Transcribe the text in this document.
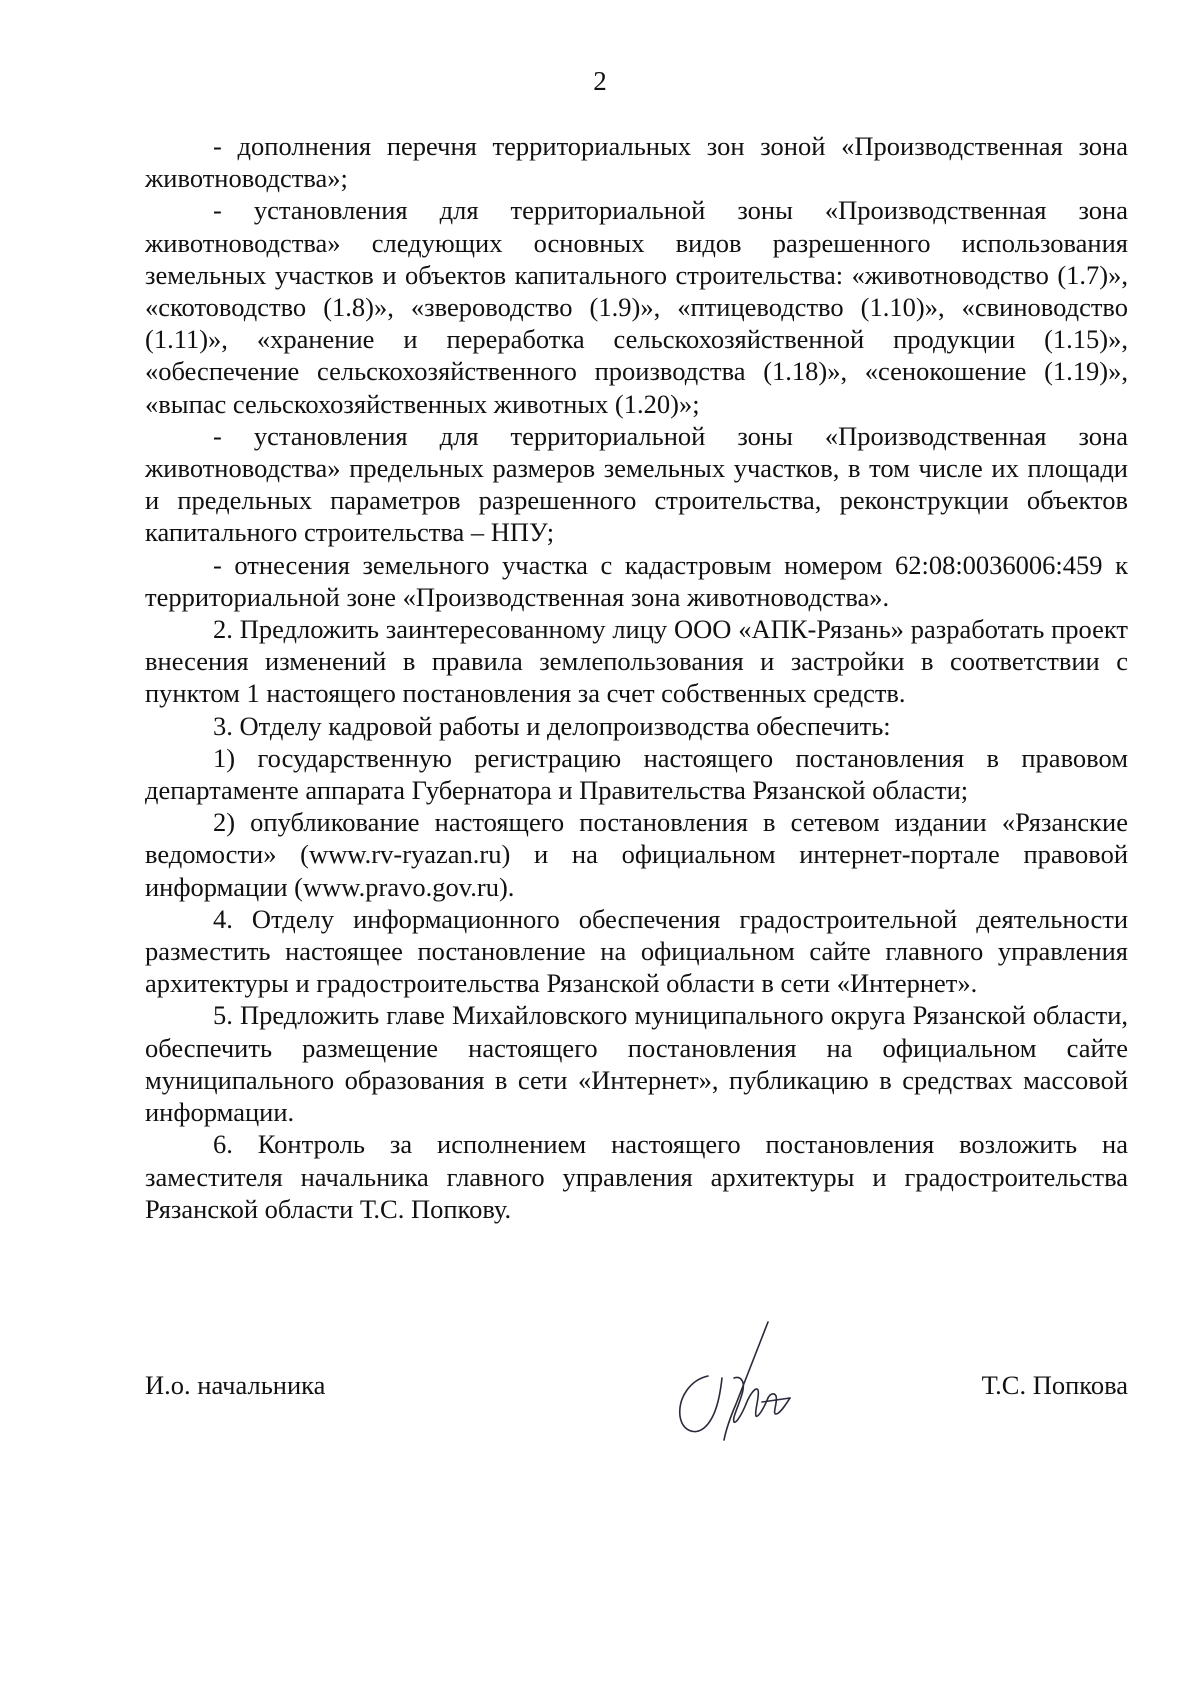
2

- дополнения перечня территориальных зон зоной «Производственная зона животноводства»;

- установления для территориальной зоны «Производственная зона животноводства» следующих основных видов разрешенного использования земельных участков и объектов капитального строительства: «животноводство (1.7)», «скотоводство (1.8)», «звероводство (1.9)», «птицеводство (1.10)», «свиноводство (1.11)», «хранение и переработка сельскохозяйственной продукции (1.15)», «обеспечение сельскохозяйственного производства (1.18)», «сенокошение (1.19)», «выпас сельскохозяйственных животных (1.20)»;

- установления для территориальной зоны «Производственная зона животноводства» предельных размеров земельных участков, в том числе их площади и предельных параметров разрешенного строительства, реконструкции объектов капитального строительства – НПУ;

- отнесения земельного участка с кадастровым номером 62:08:0036006:459 к территориальной зоне «Производственная зона животноводства».

2. Предложить заинтересованному лицу ООО «АПК-Рязань» разработать проект внесения изменений в правила землепользования и застройки в соответствии с пунктом 1 настоящего постановления за счет собственных средств.

3. Отделу кадровой работы и делопроизводства обеспечить:

1) государственную регистрацию настоящего постановления в правовом департаменте аппарата Губернатора и Правительства Рязанской области;

2) опубликование настоящего постановления в сетевом издании «Рязанские ведомости» (www.rv-ryazan.ru) и на официальном интернет-портале правовой информации (www.pravo.gov.ru).

4. Отделу информационного обеспечения градостроительной деятельности разместить настоящее постановление на официальном сайте главного управления архитектуры и градостроительства Рязанской области в сети «Интернет».

5. Предложить главе Михайловского муниципального округа Рязанской области, обеспечить размещение настоящего постановления на официальном сайте муниципального образования в сети «Интернет», публикацию в средствах массовой информации.

6. Контроль за исполнением настоящего постановления возложить на заместителя начальника главного управления архитектуры и градостроительства Рязанской области Т.С. Попкову.

И.о. начальника	Т.С. Попкова
